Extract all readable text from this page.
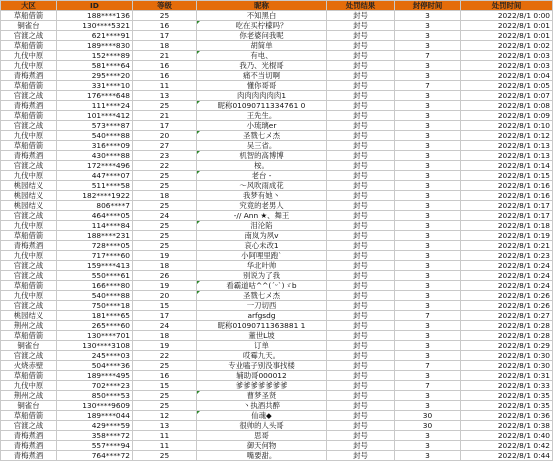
大区	ID	等级	昵称	处罚结果	封停时间	处罚时间
草船借箭	188****136	25	不知黑白	封号	3	2022/8/1 0:00
铜雀台	130****5321	16	吃在买柠檬吗？	封号	3	2022/8/1 0:01
官渡之战	621****91	17	你老婆问我呢	封号	3	2022/8/1 0:01
草船借箭	189****830	18	胡简单	封号	3	2022/8/1 0:02
九伐中原	152****89	21	有电、	封号	7	2022/8/1 0:03
九伐中原	581****64	16	我乃、光棍哥	封号	3	2022/8/1 0:03
青梅煮酒	295****20	16	痛不当切啊	封号	3	2022/8/1 0:04
草船借箭	331****10	11	懂你哥哥	封号	7	2022/8/1 0:05
官渡之战	176****648	13	肉肉肉肉肉肉1	封号	3	2022/8/1 0:07
青梅煮酒	111****24	25	昵称01090711334761 0	封号	3	2022/8/1 0:08
草船借箭	101****412	21	王先生。	封号	3	2022/8/1 0:09
官渡之战	573****87	17	小琉璃er	封号	3	2022/8/1 0:10
九伐中原	540****88	20	圣戮七メ杰	封号	3	2022/8/1 0:12
草船借箭	316****09	27	吴三省。	封号	3	2022/8/1 0:13
青梅煮酒	430****88	23	机智的高博博	封号	3	2022/8/1 0:13
官渡之战	172****496	22	桉。	封号	3	2022/8/1 0:14
九伐中原	447****07	25	老台 -	封号	3	2022/8/1 0:15
桃园结义	511****58	25	～风吹雨成花	封号	3	2022/8/1 0:16
桃园结义	182****1922	18	我梦有她丶	封号	3	2022/8/1 0:16
桃园结义	806****7	25	究竟的老男人	封号	3	2022/8/1 0:17
官渡之战	464****05	24	-// Ann ★、舞王	封号	3	2022/8/1 0:17
九伐中原	114****84	25	泪沦陷	封号	3	2022/8/1 0:18
草船借箭	188****231	25	南岚为夙v	封号	3	2022/8/1 0:19
青梅煮酒	728****05	25	哀心未改1	封号	3	2022/8/1 0:21
九伐中原	717****60	19	小阿哩里跑`	封号	3	2022/8/1 0:23
官渡之战	159****413	18	华北叶帅	封号	3	2022/8/1 0:24
官渡之战	550****61	26	别说为了我	封号	3	2022/8/1 0:24
草船借箭	166****80	19	看霸道咕^^(ˊᵕˋ)ゞb	封号	3	2022/8/1 0:24
九伐中原	540****88	20	圣戮七メ杰	封号	3	2022/8/1 0:26
官渡之战	750****18	15	一刀切西	封号	3	2022/8/1 0:26
桃园结义	181****65	17	arfgsdg	封号	7	2022/8/1 0:27
荆州之战	265****60	24	昵称01090711363881 1	封号	3	2022/8/1 0:28
草船借箭	130****701	18	董世L坡	封号	3	2022/8/1 0:28
铜雀台	130****3108	19	订单	封号	3	2022/8/1 0:29
官渡之战	245****03	22	哎霉九天。	封号	3	2022/8/1 0:30
火烧赤壁	504****36	25	专业嗑子别没事找楼	封号	7	2022/8/1 0:30
草船借箭	189****495	16	辅助哥000012	封号	3	2022/8/1 0:31
九伐中原	702****23	15	爹爹爹爹爹爹爹	封号	7	2022/8/1 0:33
荆州之战	850****53	25	曹梦圣贤	封号	3	2022/8/1 0:35
铜雀台	130****9609	25	丶执酒共醉	封号	3	2022/8/1 0:35
草船借箭	189****044	12	仙魂◆	封号	30	2022/8/1 0:36
官渡之战	429****59	13	很帅的人头哥	封号	30	2022/8/1 0:38
青梅煮酒	358****72	11	思哥	封号	3	2022/8/1 0:40
青梅煮酒	557****94	11	御天何物	封号	3	2022/8/1 0:42
青梅煮酒	764****72	25	嘴要甜。	封号	3	2022/8/1 0:44
